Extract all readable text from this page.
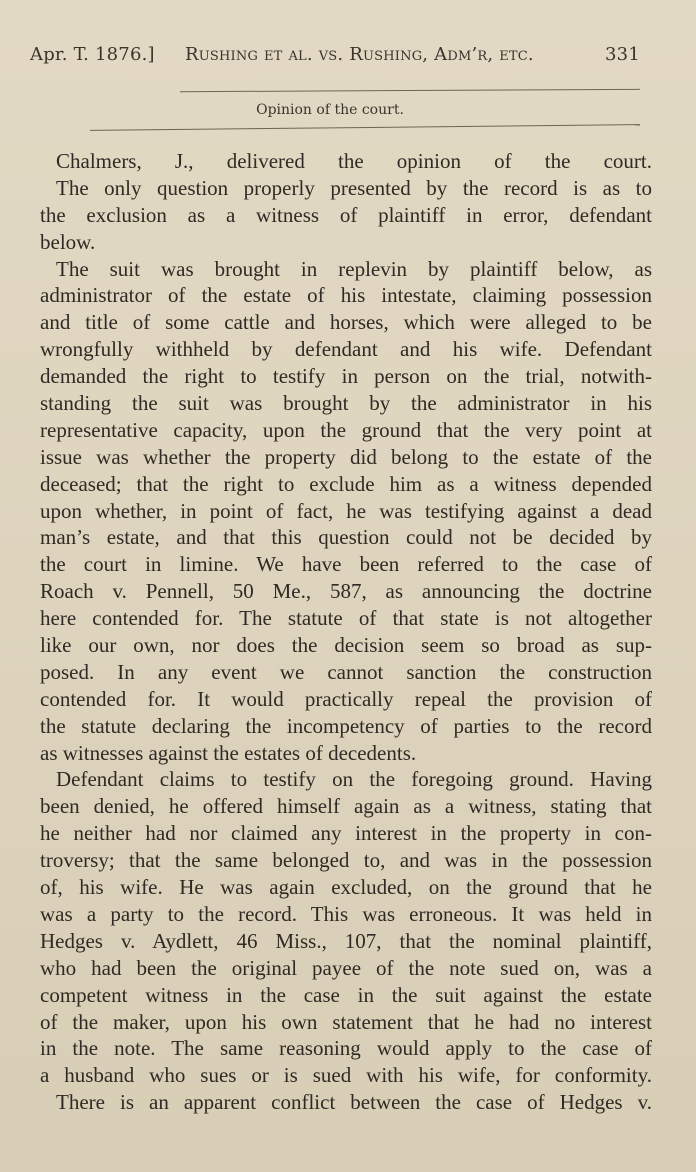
Apr. T. 1876.] Rushing et al. vs. Rushing, Adm’r, etc.	331
Opinion of the court.
Chalmers, J., delivered the opinion of the court.
The only question properly presented by the record is as to
the exclusion as a witness of plaintiff in error, defendant
below.
The suit was brought in replevin by plaintiff below, as
administrator of the estate of his intestate, claiming possession
and title of some cattle and horses, which were alleged to be
wrongfully withheld by defendant and his wife. Defendant
demanded the right to testify in person on the trial, notwith-
standing the suit was brought by the administrator in his
representative capacity, upon the ground that the very point at
issue was whether the property did belong to the estate of the
deceased; that the right to exclude him as a witness depended
upon whether, in point of fact, he was testifying against a dead
man’s estate, and that this question could not be decided by
the court in limine. We have been referred to the case of
Roach v. Pennell, 50 Me., 587, as announcing the doctrine
here contended for. The statute of that state is not altogether
like our own, nor does the decision seem so broad as sup-
posed. In any event we cannot sanction the construction
contended for. It would practically repeal the provision of
the statute declaring the incompetency of parties to the record
as witnesses against the estates of decedents.
Defendant claims to testify on the foregoing ground. Having
been denied, he offered himself again as a witness, stating that
he neither had nor claimed any interest in the property in con-
troversy; that the same belonged to, and was in the possession
of, his wife. He was again excluded, on the ground that he
was a party to the record. This was erroneous. It was held in
Hedges v. Aydlett, 46 Miss., 107, that the nominal plaintiff,
who had been the original payee of the note sued on, was a
competent witness in the case in the suit against the estate
of the maker, upon his own statement that he had no interest
in the note. The same reasoning would apply to the case of
a husband who sues or is sued with his wife, for conformity.
There is an apparent conflict between the case of Hedges v.
